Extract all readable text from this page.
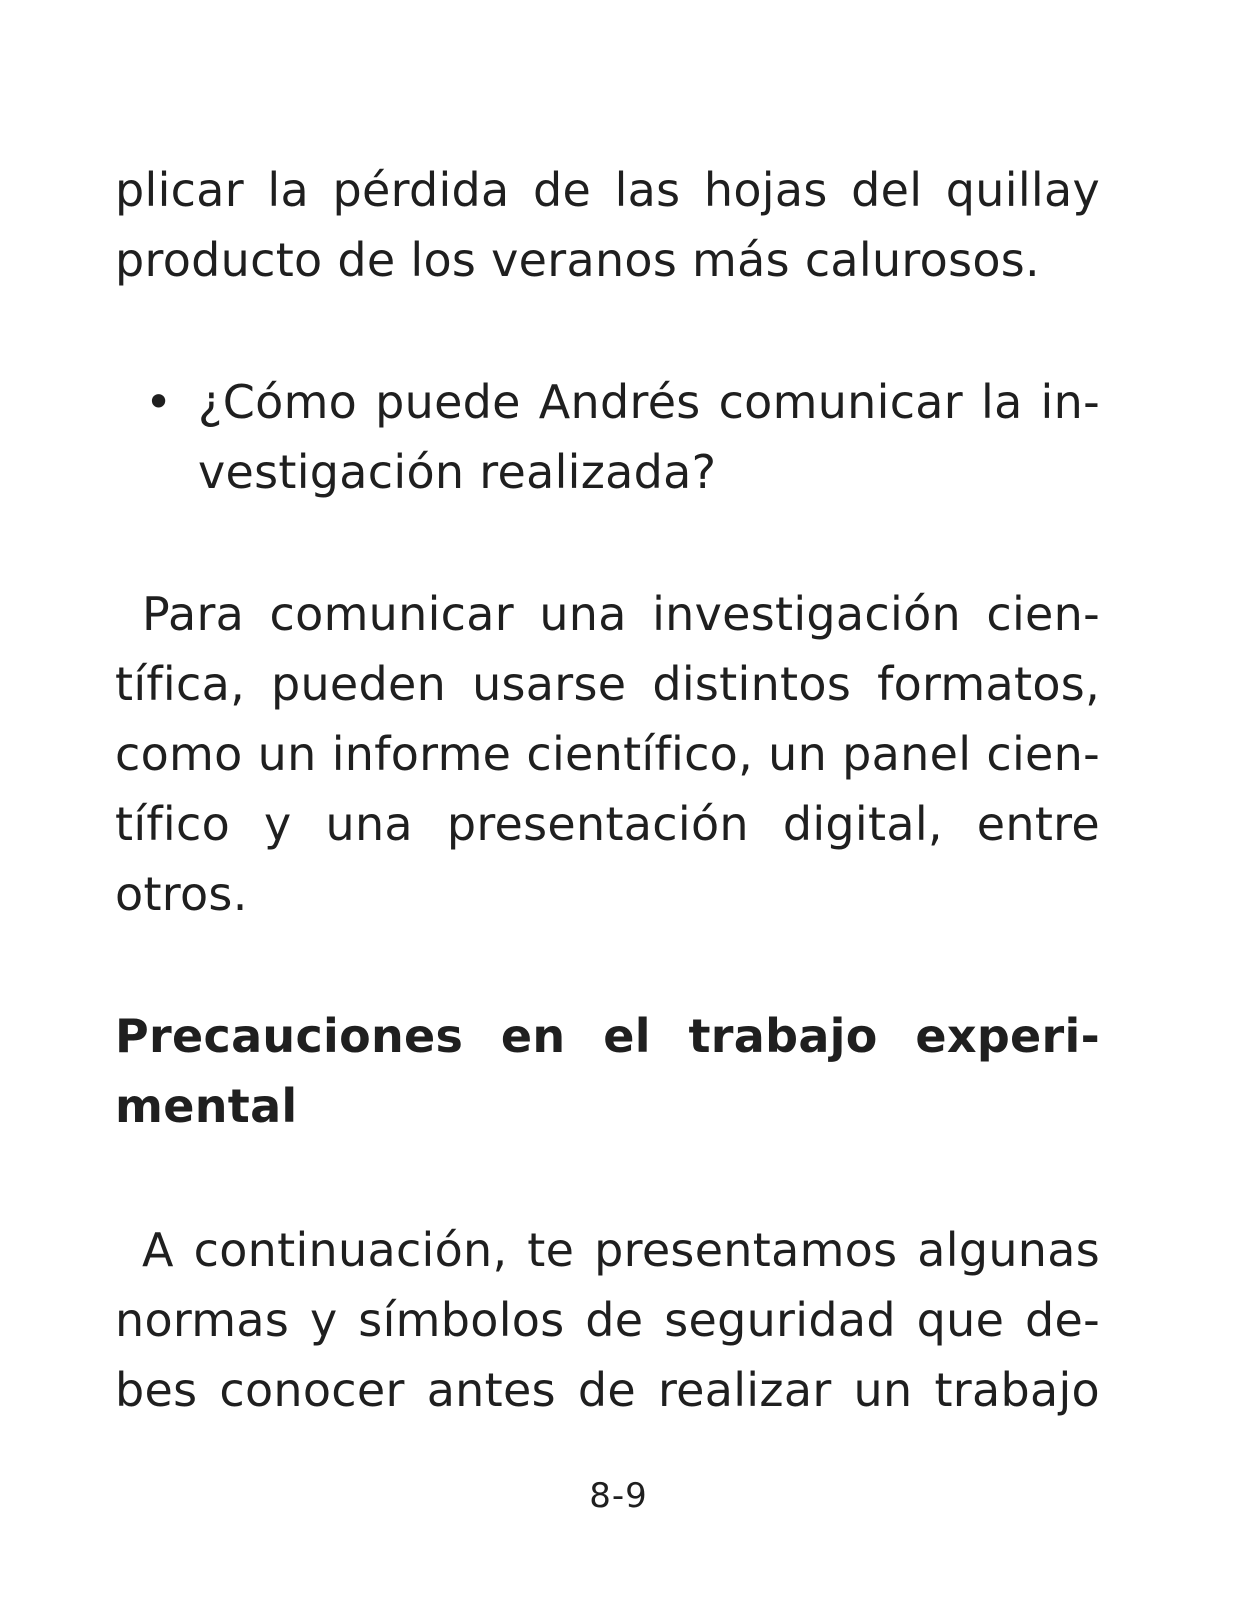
plicar la pérdida de las hojas del quillay
producto de los veranos más calurosos.
• ¿Cómo puede Andrés comunicar la in-
vestigación realizada?
Para comunicar una investigación cien-
tífica, pueden usarse distintos formatos,
como un informe científico, un panel cien-
tífico y una presentación digital, entre
otros.
Precauciones en el trabajo experi-
mental
A continuación, te presentamos algunas
normas y símbolos de seguridad que de-
bes conocer antes de realizar un trabajo
8-9
